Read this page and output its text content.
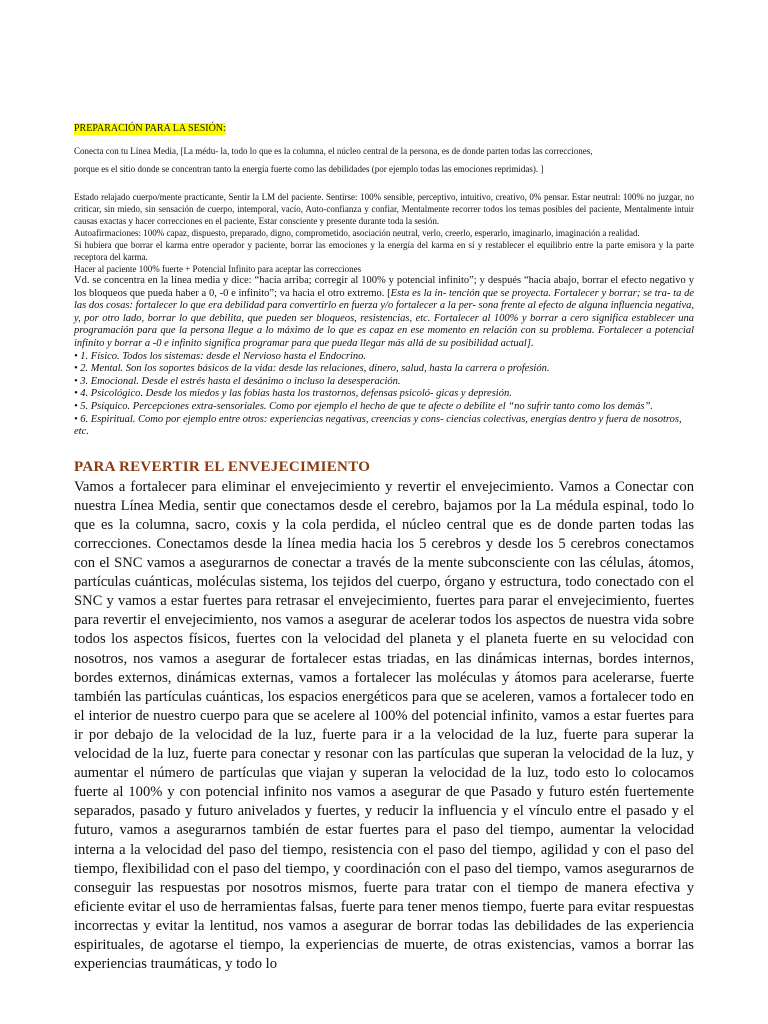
PREPARACIÓN PARA LA SESIÓN:

Conecta con tu Línea Media, [La médu- la, todo lo que es la columna, el núcleo central de la persona, es de donde parten todas las correcciones,

porque es el sitio donde se concentran tanto la energía fuerte como las debilidades (por ejemplo todas las emociones reprimidas). ]

Estado relajado cuerpo/mente practicante, Sentir la LM del paciente. Sentirse: 100% sensible, perceptivo, intuitivo, creativo, 0% pensar. Estar neutral: 100% no juzgar, no criticar, sin miedo, sin sensación de cuerpo, intemporal, vacío, Auto-confianza y confiar, Mentalmente recorrer todos los temas posibles del paciente, Mentalmente intuir causas exactas y hacer correcciones en el paciente, Estar consciente y presente durante toda la sesión.

Autoafirmaciones: 100% capaz, dispuesto, preparado, digno, comprometido, asociación neutral, verlo, creerlo, esperarlo, imaginarlo, imaginación a realidad.

Si hubiera que borrar el karma entre operador y paciente, borrar las emociones y la energía del karma en sí y restablecer el equilibrio entre la parte emisora y la parte receptora del karma.

Hacer al paciente 100% fuerte + Potencial Infinito para aceptar las correcciones

Vd. se concentra en la línea media y dice: “hacia arriba; corregir al 100% y potencial infinito”; y después “hacia abajo, borrar el efecto negativo y los bloqueos que pueda haber a 0, -0 e infinito”; va hacia el otro extremo. [Esta es la in- tención que se proyecta. Fortalecer y borrar; se tra- ta de las dos cosas: fortalecer lo que era debilidad para convertirlo en fuerza y/o fortalecer a la per- sona frente al efecto de alguna influencia negativa, y, por otro lado, borrar lo que debilita, que pueden ser bloqueos, resistencias, etc. Fortalecer al 100% y borrar a cero significa establecer una programación para que la persona llegue a lo máximo de lo que es capaz en ese momento en relación con su problema. Fortalecer a potencial infinito y borrar a -0 e infinito significa programar para que pueda llegar más allá de su posibilidad actual].

• 1. Físico. Todos los sistemas: desde el Nervioso hasta el Endocrino.
• 2. Mental. Son los soportes básicos de la vida: desde las relaciones, dinero, salud, hasta la carrera o profesión.
• 3. Emocional. Desde el estrés hasta el desánimo o incluso la desesperación.
• 4. Psicológico. Desde los miedos y las fobias hasta los trastornos, defensas psicoló- gicas y depresión.
• 5. Psíquico. Percepciones extra-sensoriales. Como por ejemplo el hecho de que te afecte o debilite el “no sufrir tanto como los demás”.
• 6. Espiritual. Como por ejemplo entre otros: experiencias negativas, creencias y cons- ciencias colectivas, energías dentro y fuera de nosotros, etc.
PARA REVERTIR EL ENVEJECIMIENTO

Vamos a fortalecer para eliminar el envejecimiento y revertir el envejecimiento. Vamos a Conectar con nuestra Línea Media, sentir que conectamos desde el cerebro, bajamos por la La médula espinal, todo lo que es la columna, sacro, coxis y la cola perdida, el núcleo central que es de donde parten todas las correcciones. Conectamos desde la línea media hacia los 5 cerebros y desde los 5 cerebros conectamos con el SNC vamos a asegurarnos de conectar a través de la mente subconsciente con las células, átomos, partículas cuánticas, moléculas sistema, los tejidos del cuerpo, órgano y estructura, todo conectado con el SNC y vamos a estar fuertes para retrasar el envejecimiento, fuertes para parar el envejecimiento, fuertes para revertir el envejecimiento, nos vamos a asegurar de acelerar todos los aspectos de nuestra vida sobre todos los aspectos físicos, fuertes con la velocidad del planeta y el planeta fuerte en su velocidad con nosotros, nos vamos a asegurar de fortalecer estas triadas, en las dinámicas internas, bordes internos, bordes externos, dinámicas externas, vamos a fortalecer las moléculas y átomos para acelerarse, fuerte también las partículas cuánticas, los espacios energéticos para que se aceleren, vamos a fortalecer todo en el interior de nuestro cuerpo para que se acelere al 100% del potencial infinito, vamos a estar fuertes para ir por debajo de la velocidad de la luz, fuerte para ir a la velocidad de la luz, fuerte para superar la velocidad de la luz, fuerte para conectar y resonar con las partículas que superan la velocidad de la luz, y aumentar el número de partículas que viajan y superan la velocidad de la luz, todo esto lo colocamos fuerte al 100% y con potencial infinito nos vamos a asegurar de que Pasado y futuro estén fuertemente separados, pasado y futuro anivelados y fuertes, y reducir la influencia y el vínculo entre el pasado y el futuro, vamos a asegurarnos también de estar fuertes para el paso del tiempo, aumentar la velocidad interna a la velocidad del paso del tiempo, resistencia con el paso del tiempo, agilidad y con el paso del tiempo, flexibilidad con el paso del tiempo, y coordinación con el paso del tiempo, vamos asegurarnos de conseguir las respuestas por nosotros mismos, fuerte para tratar con el tiempo de manera efectiva y eficiente evitar el uso de herramientas falsas, fuerte para tener menos tiempo, fuerte para evitar respuestas incorrectas y evitar la lentitud, nos vamos a asegurar de borrar todas las debilidades de las experiencia espirituales, de agotarse el tiempo, la experiencias de muerte, de otras existencias, vamos a borrar las experiencias traumáticas, y todo lo
